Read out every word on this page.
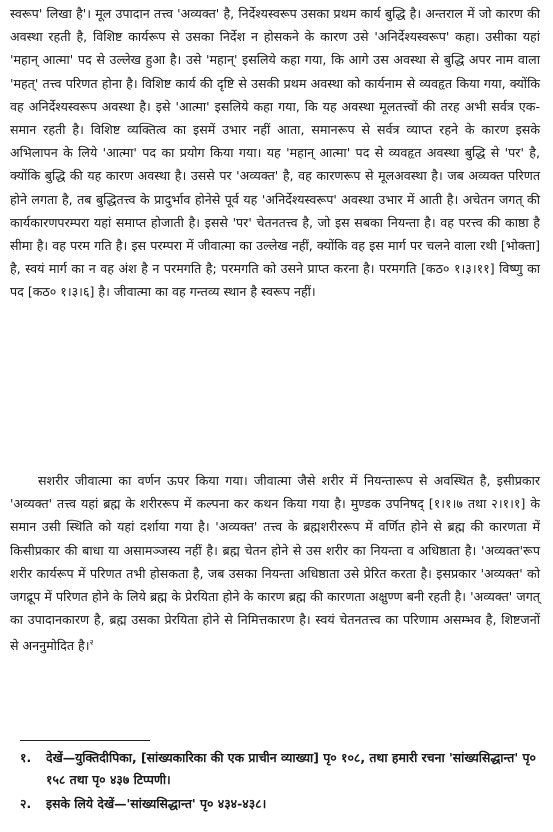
स्वरूप' लिखा है'। मूल उपादान तत्त्व 'अव्यक्त' है, निर्देश्यस्वरूप उसका प्रथम कार्य बुद्धि है। अन्तराल में जो कारण की अवस्था रहती है, विशिष्ट कार्यरूप से उसका निर्देश न होसकने के कारण उसे 'अनिर्देश्यस्वरूप' कहा। उसीका यहां 'महान् आत्मा' पद से उल्लेख हुआ है। उसे 'महान्' इसलिये कहा गया, कि आगे उस अवस्था से बुद्धि अपर नाम वाला 'महत्' तत्त्व परिणत होना है। विशिष्ट कार्य की दृष्टि से उसकी प्रथम अवस्था को कार्यनाम से व्यवहृत किया गया, क्योंकि वह अनिर्देश्यस्वरूप अवस्था है। इसे 'आत्मा' इसलिये कहा गया, कि यह अवस्था मूलतत्त्वों की तरह अभी सर्वत्र एक-समान रहती है। विशिष्ट व्यक्तित्व का इसमें उभार नहीं आता, समानरूप से सर्वत्र व्याप्त रहने के कारण इसके अभिलापन के लिये 'आत्मा' पद का प्रयोग किया गया। यह 'महान् आत्मा' पद से व्यवहृत अवस्था बुद्धि से 'पर' है, क्योंकि बुद्धि की यह कारण अवस्था है। उससे पर 'अव्यक्त' है, वह कारणरूप से मूलअवस्था है। जब अव्यक्त परिणत होने लगता है, तब बुद्धितत्त्व के प्रादुर्भाव होनेसे पूर्व यह 'अनिर्देश्यस्वरूप' अवस्था उभार में आती है। अचेतन जगत् की कार्यकारणपरम्परा यहां समाप्त होजाती है। इससे 'पर' चेतनतत्त्व है, जो इस सबका नियन्ता है। वह परत्त्व की काष्ठा है सीमा है। वह परम गति है। इस परम्परा में जीवात्मा का उल्लेख नहीं, क्योंकि वह इस मार्ग पर चलने वाला रथी [भोक्ता] है, स्वयं मार्ग का न वह अंश है न परमगति है; परमगति को उसने प्राप्त करना है। परमगति [कठ० १।३।११] विष्णु का पद [कठ० १।३।६] है। जीवात्मा का वह गन्तव्य स्थान है स्वरूप नहीं।

सशरीर जीवात्मा का वर्णन ऊपर किया गया। जीवात्मा जैसे शरीर में नियन्तारूप से अवस्थित है, इसीप्रकार 'अव्यक्त' तत्त्व यहां ब्रह्म के शरीररूप में कल्पना कर कथन किया गया है। मुण्डक उपनिषद् [१।१।७ तथा २।१।१] के समान उसी स्थिति को यहां दर्शाया गया है। 'अव्यक्त' तत्त्व के ब्रह्मशरीररूप में वर्णित होने से ब्रह्म की कारणता में किसीप्रकार की बाधा या असामञ्जस्य नहीं है। ब्रह्म चेतन होने से उस शरीर का नियन्ता व अधिष्ठाता है। 'अव्यक्त'रूप शरीर कार्यरूप में परिणत तभी होसकता है, जब उसका नियन्ता अधिष्ठाता उसे प्रेरित करता है। इसप्रकार 'अव्यक्त' को जगद्रूप में परिणत होने के लिये ब्रह्म के प्रेरयिता होने के कारण ब्रह्म की कारणता अक्षुण्ण बनी रहती है। 'अव्यक्त' जगत् का उपादानकारण है, ब्रह्म उसका प्रेरयिता होने से निमित्तकारण है। स्वयं चेतनतत्त्व का परिणाम असम्भव है, शिष्टजनों से अननुमोदित है।$^२$

१. देखें—युक्तिदीपिका, [सांख्यकारिका की एक प्राचीन व्याख्या] पृ० १०८, तथा हमारी रचना 'सांख्यसिद्धान्त' पृ० १५८ तथा पृ० ४३७ टिप्पणी।
२. इसके लिये देखें—'सांख्यसिद्धान्त' पृ० ४३४-४३८।
